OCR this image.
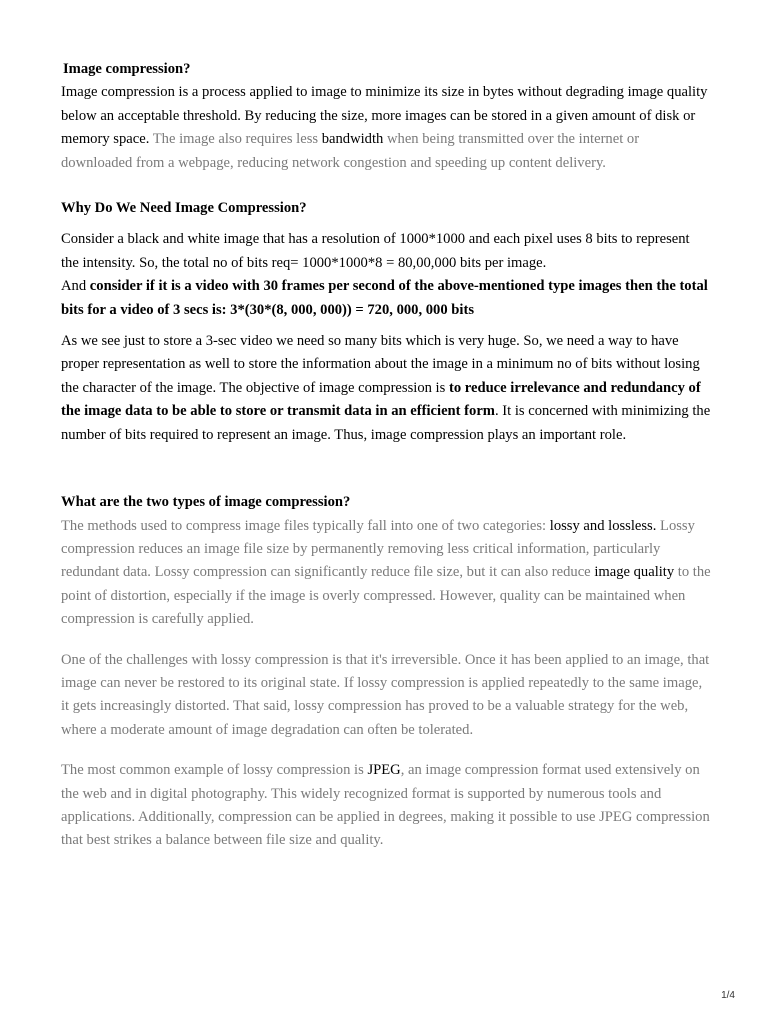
Image compression?

Image compression is a process applied to image to minimize its size in bytes without degrading image quality below an acceptable threshold. By reducing the size, more images can be stored in a given amount of disk or memory space. The image also requires less bandwidth when being transmitted over the internet or downloaded from a webpage, reducing network congestion and speeding up content delivery.

Why Do We Need Image Compression?

Consider a black and white image that has a resolution of 1000*1000 and each pixel uses 8 bits to represent the intensity. So, the total no of bits req= 1000*1000*8 = 80,00,000 bits per image.

And consider if it is a video with 30 frames per second of the above-mentioned type images then the total bits for a video of 3 secs is: 3*(30*(8, 000, 000)) = 720, 000, 000 bits

As we see just to store a 3-sec video we need so many bits which is very huge. So, we need a way to have proper representation as well to store the information about the image in a minimum no of bits without losing the character of the image. The objective of image compression is to reduce irrelevance and redundancy of the image data to be able to store or transmit data in an efficient form. It is concerned with minimizing the number of bits required to represent an image. Thus, image compression plays an important role.

What are the two types of image compression?

The methods used to compress image files typically fall into one of two categories: lossy and lossless. Lossy compression reduces an image file size by permanently removing less critical information, particularly redundant data. Lossy compression can significantly reduce file size, but it can also reduce image quality to the point of distortion, especially if the image is overly compressed. However, quality can be maintained when compression is carefully applied.

One of the challenges with lossy compression is that it's irreversible. Once it has been applied to an image, that image can never be restored to its original state. If lossy compression is applied repeatedly to the same image, it gets increasingly distorted. That said, lossy compression has proved to be a valuable strategy for the web, where a moderate amount of image degradation can often be tolerated.

The most common example of lossy compression is JPEG, an image compression format used extensively on the web and in digital photography. This widely recognized format is supported by numerous tools and applications. Additionally, compression can be applied in degrees, making it possible to use JPEG compression that best strikes a balance between file size and quality.

1/4
